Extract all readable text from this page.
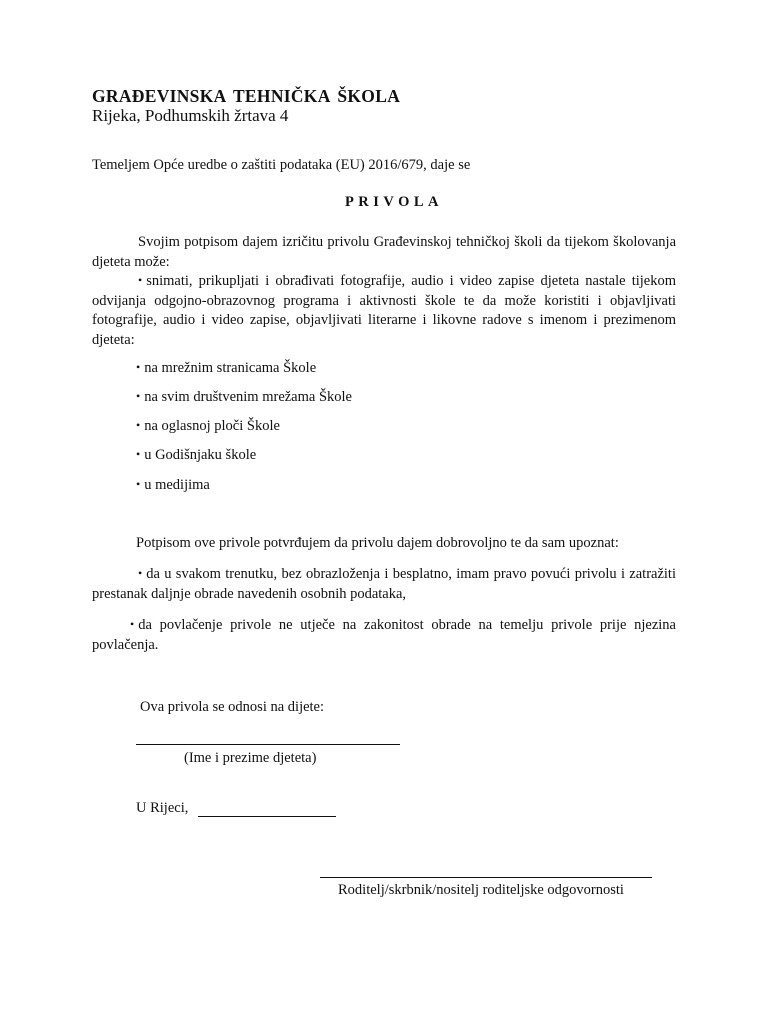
GRAĐEVINSKA TEHNIČKA ŠKOLA
Rijeka, Podhumskih žrtava 4
Temeljem Opće uredbe o zaštiti podataka (EU) 2016/679, daje se
PRIVOLA

Svojim potpisom dajem izričitu privolu Građevinskoj tehničkoj školi da tijekom školovanja djeteta može:

• snimati, prikupljati i obrađivati fotografije, audio i video zapise djeteta nastale tijekom odvijanja odgojno-obrazovnog programa i aktivnosti škole te da može koristiti i objavljivati fotografije, audio i video zapise, objavljivati literarne i likovne radove s imenom i prezimenom djeteta:

• na mrežnim stranicama Škole
• na svim društvenim mrežama Škole
• na oglasnoj ploči Škole
• u Godišnjaku škole
• u medijima
Potpisom ove privole potvrđujem da privolu dajem dobrovoljno te da sam upoznat:

• da u svakom trenutku, bez obrazloženja i besplatno, imam pravo povući privolu i zatražiti prestanak daljnje obrade navedenih osobnih podataka,

• da povlačenje privole ne utječe na zakonitost obrade na temelju privole prije njezina povlačenja.

Ova privola se odnosi na dijete:
(Ime i prezime djeteta)
U Rijeci,
Roditelj/skrbnik/nositelj roditeljske odgovornosti
